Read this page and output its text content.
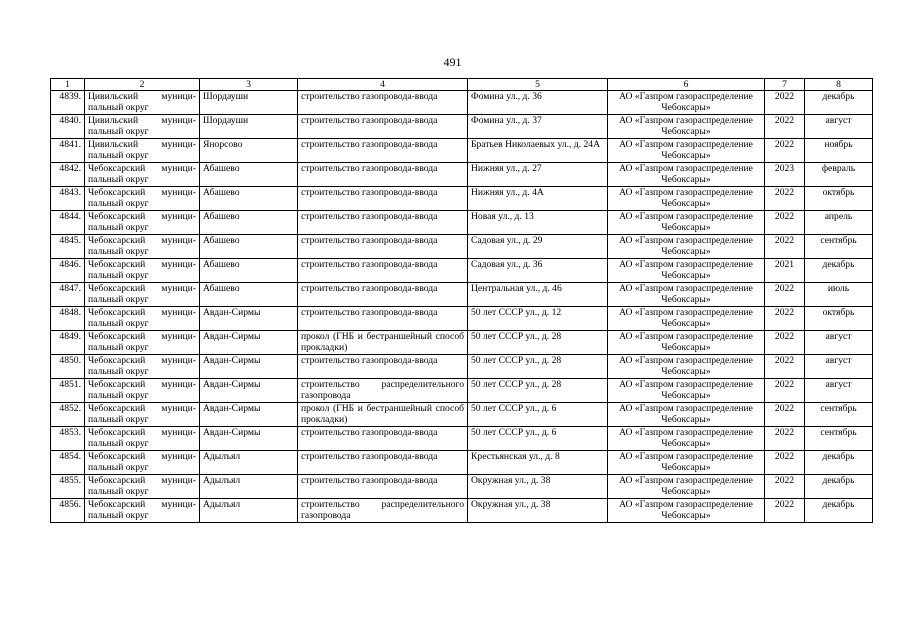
491
1	2	3	4	5	6	7	8
4839.	Цивильский муници-пальный округ	Шордауши	строительство газопровода-ввода	Фомина ул., д. 36	АО «Газпром газораспределение Чебоксары»	2022	декабрь
4840.	Цивильский муници-пальный округ	Шордауши	строительство газопровода-ввода	Фомина ул., д. 37	АО «Газпром газораспределение Чебоксары»	2022	август
4841.	Цивильский муници-пальный округ	Янорсово	строительство газопровода-ввода	Братьев Николаевых ул., д. 24А	АО «Газпром газораспределение Чебоксары»	2022	ноябрь
4842.	Чебоксарский муници-пальный округ	Абашево	строительство газопровода-ввода	Нижняя ул., д. 27	АО «Газпром газораспределение Чебоксары»	2023	февраль
4843.	Чебоксарский муници-пальный округ	Абашево	строительство газопровода-ввода	Нижняя ул., д. 4А	АО «Газпром газораспределение Чебоксары»	2022	октябрь
4844.	Чебоксарский муници-пальный округ	Абашево	строительство газопровода-ввода	Новая ул., д. 13	АО «Газпром газораспределение Чебоксары»	2022	апрель
4845.	Чебоксарский муници-пальный округ	Абашево	строительство газопровода-ввода	Садовая ул., д. 29	АО «Газпром газораспределение Чебоксары»	2022	сентябрь
4846.	Чебоксарский муници-пальный округ	Абашево	строительство газопровода-ввода	Садовая ул., д. 36	АО «Газпром газораспределение Чебоксары»	2021	декабрь
4847.	Чебоксарский муници-пальный округ	Абашево	строительство газопровода-ввода	Центральная ул., д. 46	АО «Газпром газораспределение Чебоксары»	2022	июль
4848.	Чебоксарский муници-пальный округ	Авдан-Сирмы	строительство газопровода-ввода	50 лет СССР ул., д. 12	АО «Газпром газораспределение Чебоксары»	2022	октябрь
4849.	Чебоксарский муници-пальный округ	Авдан-Сирмы	прокол (ГНБ и бестраншейный способ прокладки)	50 лет СССР ул., д. 28	АО «Газпром газораспределение Чебоксары»	2022	август
4850.	Чебоксарский муници-пальный округ	Авдан-Сирмы	строительство газопровода-ввода	50 лет СССР ул., д. 28	АО «Газпром газораспределение Чебоксары»	2022	август
4851.	Чебоксарский муници-пальный округ	Авдан-Сирмы	строительство распределительного газопровода	50 лет СССР ул., д. 28	АО «Газпром газораспределение Чебоксары»	2022	август
4852.	Чебоксарский муници-пальный округ	Авдан-Сирмы	прокол (ГНБ и бестраншейный способ прокладки)	50 лет СССР ул., д. 6	АО «Газпром газораспределение Чебоксары»	2022	сентябрь
4853.	Чебоксарский муници-пальный округ	Авдан-Сирмы	строительство газопровода-ввода	50 лет СССР ул., д. 6	АО «Газпром газораспределение Чебоксары»	2022	сентябрь
4854.	Чебоксарский муници-пальный округ	Адылъял	строительство газопровода-ввода	Крестьянская ул., д. 8	АО «Газпром газораспределение Чебоксары»	2022	декабрь
4855.	Чебоксарский муници-пальный округ	Адылъял	строительство газопровода-ввода	Окружная ул., д. 38	АО «Газпром газораспределение Чебоксары»	2022	декабрь
4856.	Чебоксарский муници-пальный округ	Адылъял	строительство распределительного газопровода	Окружная ул., д. 38	АО «Газпром газораспределение Чебоксары»	2022	декабрь
